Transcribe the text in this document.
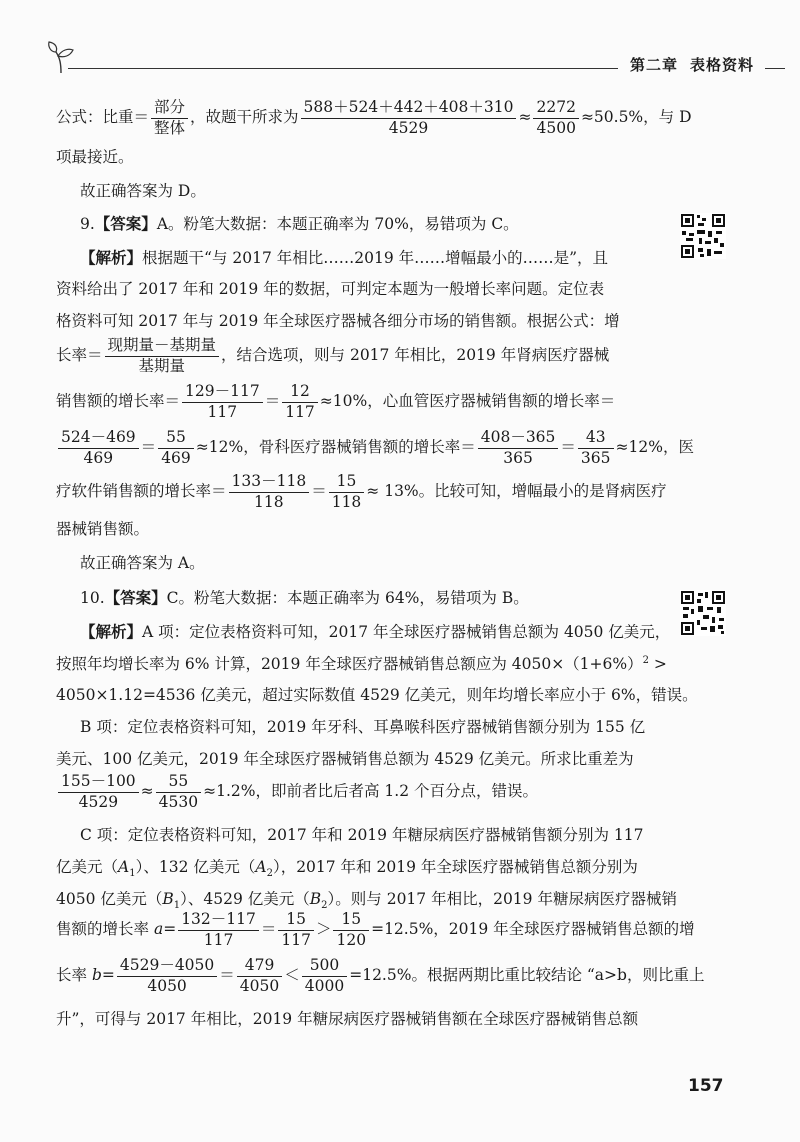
第二章 表格资料
公式：比重＝ $\frac{\text{部分}}{\text{整体}}$ ，故题干所求为 $\frac{588+524+442+408+310}{4529} \approx \frac{2272}{4500} \approx 50.5\%$，与 D
项最接近。
故正确答案为 D。
9.【答案】A。粉笔大数据：本题正确率为 70%，易错项为 C。
【解析】根据题干“与 2017 年相比……2019 年……增幅最小的……是”，且
资料给出了 2017 年和 2019 年的数据，可判定本题为一般增长率问题。定位表
格资料可知 2017 年与 2019 年全球医疗器械各细分市场的销售额。根据公式：增
长率＝ $\frac{\text{现期量－基期量}}{\text{基期量}}$ ，结合选项，则与 2017 年相比，2019 年肾病医疗器械
销售额的增长率＝ $\frac{129-117}{117} = \frac{12}{117} \approx 10\%$，心血管医疗器械销售额的增长率＝
$\frac{524-469}{469} = \frac{55}{469} \approx 12\%$，骨科医疗器械销售额的增长率＝ $\frac{408-365}{365} = \frac{43}{365} \approx 12\%$，医
疗软件销售额的增长率＝ $\frac{133-118}{118} = \frac{15}{118} \approx 13\%$。比较可知，增幅最小的是肾病医疗
器械销售额。
故正确答案为 A。
10.【答案】C。粉笔大数据：本题正确率为 64%，易错项为 B。
【解析】A 项：定位表格资料可知，2017 年全球医疗器械销售总额为 4050 亿美元，
按照年均增长率为 6% 计算，2019 年全球医疗器械销售总额应为 $4050\times(1+6\%)^2$ >
4050×1.12=4536 亿美元，超过实际数值 4529 亿美元，则年均增长率应小于 6%，错误。
B 项：定位表格资料可知，2019 年牙科、耳鼻喉科医疗器械销售额分别为 155 亿
美元、100 亿美元，2019 年全球医疗器械销售总额为 4529 亿美元。所求比重差为
$\frac{155-100}{4529} \approx \frac{55}{4530} \approx 1.2\%$，即前者比后者高 1.2 个百分点，错误。
C 项：定位表格资料可知，2017 年和 2019 年糖尿病医疗器械销售额分别为 117
亿美元$(A_1)$、132 亿美元$(A_2)$，2017 年和 2019 年全球医疗器械销售总额分别为
4050 亿美元$(B_1)$、4529 亿美元$(B_2)$。则与 2017 年相比，2019 年糖尿病医疗器械销
售额的增长率 $a= \frac{132-117}{117} = \frac{15}{117} > \frac{15}{120} =12.5\%$，2019 年全球医疗器械销售总额的增
长率 $b= \frac{4529-4050}{4050} = \frac{479}{4050} < \frac{500}{4000} =12.5\%$。根据两期比重比较结论 “a>b，则比重上
升”，可得与 2017 年相比，2019 年糖尿病医疗器械销售额在全球医疗器械销售总额
157
